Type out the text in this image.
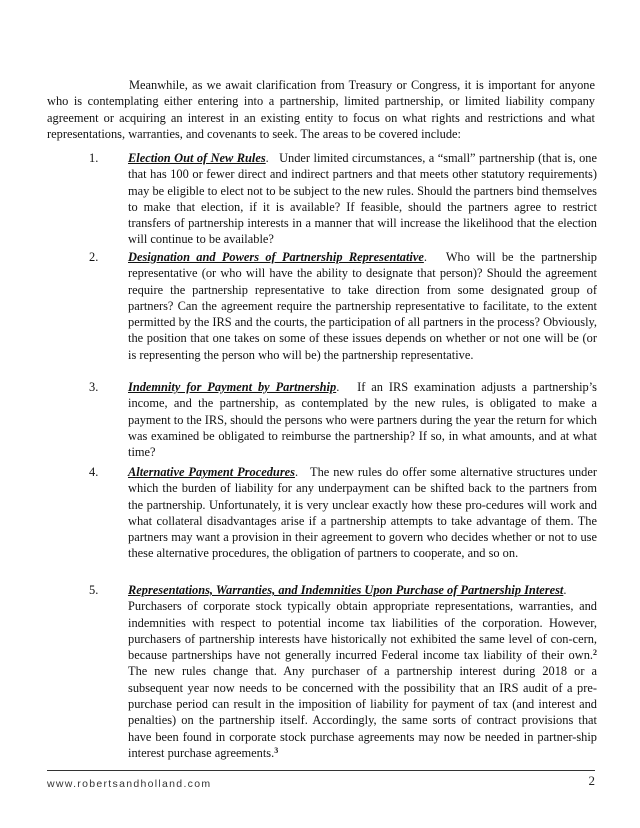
Meanwhile, as we await clarification from Treasury or Congress, it is important for anyone who is contemplating either entering into a partnership, limited partnership, or limited liability company agreement or acquiring an interest in an existing entity to focus on what rights and restrictions and what representations, warranties, and covenants to seek. The areas to be covered include:

1.	Election Out of New Rules.   Under limited circumstances, a “small” partnership (that is, one that has 100 or fewer direct and indirect partners and that meets other statutory requirements) may be eligible to elect not to be subject to the new rules. Should the partners bind themselves to make that election, if it is available? If feasible, should the partners agree to restrict transfers of partnership interests in a manner that will increase the likelihood that the election will continue to be available?

2.	Designation and Powers of Partnership Representative.   Who will be the partnership representative (or who will have the ability to designate that person)? Should the agreement require the partnership representative to take direction from some designated group of partners? Can the agreement require the partnership representative to facilitate, to the extent permitted by the IRS and the courts, the participation of all partners in the process? Obviously, the position that one takes on some of these issues depends on whether or not one will be (or is representing the person who will be) the partnership representative.

3.	Indemnity for Payment by Partnership.   If an IRS examination adjusts a partnership’s income, and the partnership, as contemplated by the new rules, is obligated to make a payment to the IRS, should the persons who were partners during the year the return for which was examined be obligated to reimburse the partnership? If so, in what amounts, and at what time?

4.	Alternative Payment Procedures.   The new rules do offer some alternative structures under which the burden of liability for any underpayment can be shifted back to the partners from the partnership. Unfortunately, it is very unclear exactly how these pro-cedures will work and what collateral disadvantages arise if a partnership attempts to take advantage of them. The partners may want a provision in their agreement to govern who decides whether or not to use these alternative procedures, the obligation of partners to cooperate, and so on.

5.	Representations, Warranties, and Indemnities Upon Purchase of Partnership Interest.
Purchasers of corporate stock typically obtain appropriate representations, warranties, and indemnities with respect to potential income tax liabilities of the corporation. However, purchasers of partnership interests have historically not exhibited the same level of con-cern, because partnerships have not generally incurred Federal income tax liability of their own.$^2$ The new rules change that. Any purchaser of a partnership interest during 2018 or a subsequent year now needs to be concerned with the possibility that an IRS audit of a pre-purchase period can result in the imposition of liability for payment of tax (and interest and penalties) on the partnership itself. Accordingly, the same sorts of contract provisions that have been found in corporate stock purchase agreements may now be needed in partner-ship interest purchase agreements.$^3$

www.robertsandholland.com	2
